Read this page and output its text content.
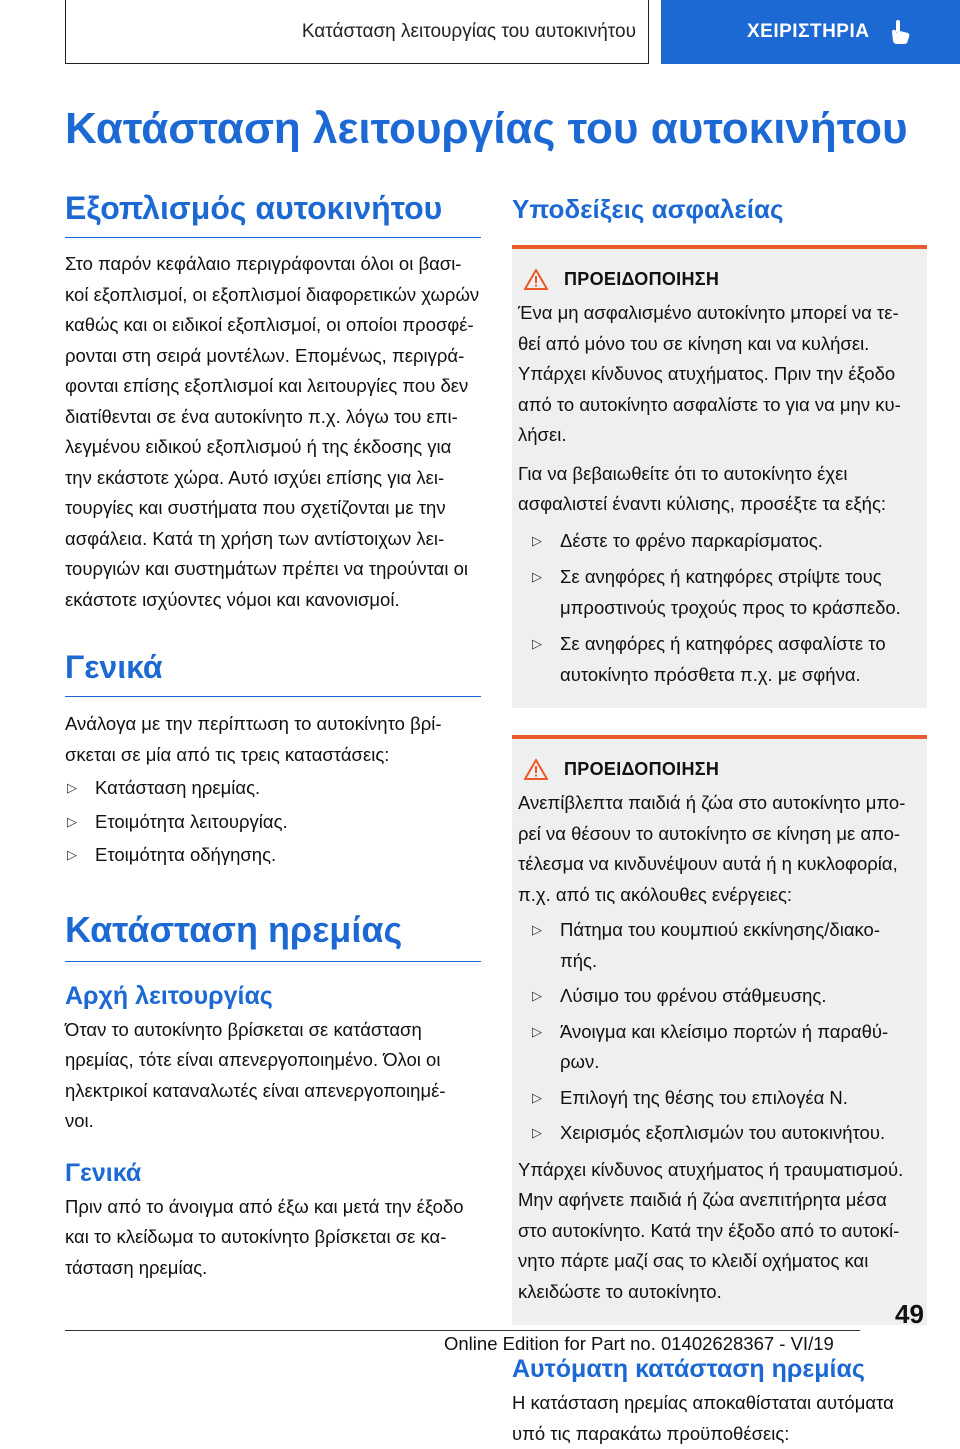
Κατάσταση λειτουργίας του αυτοκινήτου	ΧΕΙΡΙΣΤΗΡΙΑ
Κατάσταση λειτουργίας του αυτοκινήτου
Εξοπλισμός αυτοκινήτου
Στο παρόν κεφάλαιο περιγράφονται όλοι οι βασι-
κοί εξοπλισμοί, οι εξοπλισμοί διαφορετικών χωρών
καθώς και οι ειδικοί εξοπλισμοί, οι οποίοι προσφέ-
ρονται στη σειρά μοντέλων. Επομένως, περιγρά-
φονται επίσης εξοπλισμοί και λειτουργίες που δεν
διατίθενται σε ένα αυτοκίνητο π.χ. λόγω του επι-
λεγμένου ειδικού εξοπλισμού ή της έκδοσης για
την εκάστοτε χώρα. Αυτό ισχύει επίσης για λει-
τουργίες και συστήματα που σχετίζονται με την
ασφάλεια. Κατά τη χρήση των αντίστοιχων λει-
τουργιών και συστημάτων πρέπει να τηρούνται οι
εκάστοτε ισχύοντες νόμοι και κανονισμοί.
Γενικά
Ανάλογα με την περίπτωση το αυτοκίνητο βρί-
σκεται σε μία από τις τρεις καταστάσεις:
▷ Κατάσταση ηρεμίας.
▷ Ετοιμότητα λειτουργίας.
▷ Ετοιμότητα οδήγησης.
Κατάσταση ηρεμίας
Αρχή λειτουργίας
Όταν το αυτοκίνητο βρίσκεται σε κατάσταση
ηρεμίας, τότε είναι απενεργοποιημένο. Όλοι οι
ηλεκτρικοί καταναλωτές είναι απενεργοποιημέ-
νοι.
Γενικά
Πριν από το άνοιγμα από έξω και μετά την έξοδο
και το κλείδωμα το αυτοκίνητο βρίσκεται σε κα-
τάσταση ηρεμίας.
Υποδείξεις ασφαλείας
ΠΡΟΕΙΔΟΠΟΙΗΣΗ
Ένα μη ασφαλισμένο αυτοκίνητο μπορεί να τε-
θεί από μόνο του σε κίνηση και να κυλήσει.
Υπάρχει κίνδυνος ατυχήματος. Πριν την έξοδο
από το αυτοκίνητο ασφαλίστε το για να μην κυ-
λήσει.
Για να βεβαιωθείτε ότι το αυτοκίνητο έχει
ασφαλιστεί έναντι κύλισης, προσέξτε τα εξής:
▷ Δέστε το φρένο παρκαρίσματος.
▷ Σε ανηφόρες ή κατηφόρες στρίψτε τους
μπροστινούς τροχούς προς το κράσπεδο.
▷ Σε ανηφόρες ή κατηφόρες ασφαλίστε το
αυτοκίνητο πρόσθετα π.χ. με σφήνα.
ΠΡΟΕΙΔΟΠΟΙΗΣΗ
Ανεπίβλεπτα παιδιά ή ζώα στο αυτοκίνητο μπο-
ρεί να θέσουν το αυτοκίνητο σε κίνηση με απο-
τέλεσμα να κινδυνέψουν αυτά ή η κυκλοφορία,
π.χ. από τις ακόλουθες ενέργειες:
▷ Πάτημα του κουμπιού εκκίνησης/διακο-
πής.
▷ Λύσιμο του φρένου στάθμευσης.
▷ Άνοιγμα και κλείσιμο πορτών ή παραθύ-
ρων.
▷ Επιλογή της θέσης του επιλογέα N.
▷ Χειρισμός εξοπλισμών του αυτοκινήτου.
Υπάρχει κίνδυνος ατυχήματος ή τραυματισμού.
Μην αφήνετε παιδιά ή ζώα ανεπιτήρητα μέσα
στο αυτοκίνητο. Κατά την έξοδο από το αυτοκί-
νητο πάρτε μαζί σας το κλειδί οχήματος και
κλειδώστε το αυτοκίνητο.
Αυτόματη κατάσταση ηρεμίας
Η κατάσταση ηρεμίας αποκαθίσταται αυτόματα
υπό τις παρακάτω προϋποθέσεις:
49
Online Edition for Part no. 01402628367 - VI/19
